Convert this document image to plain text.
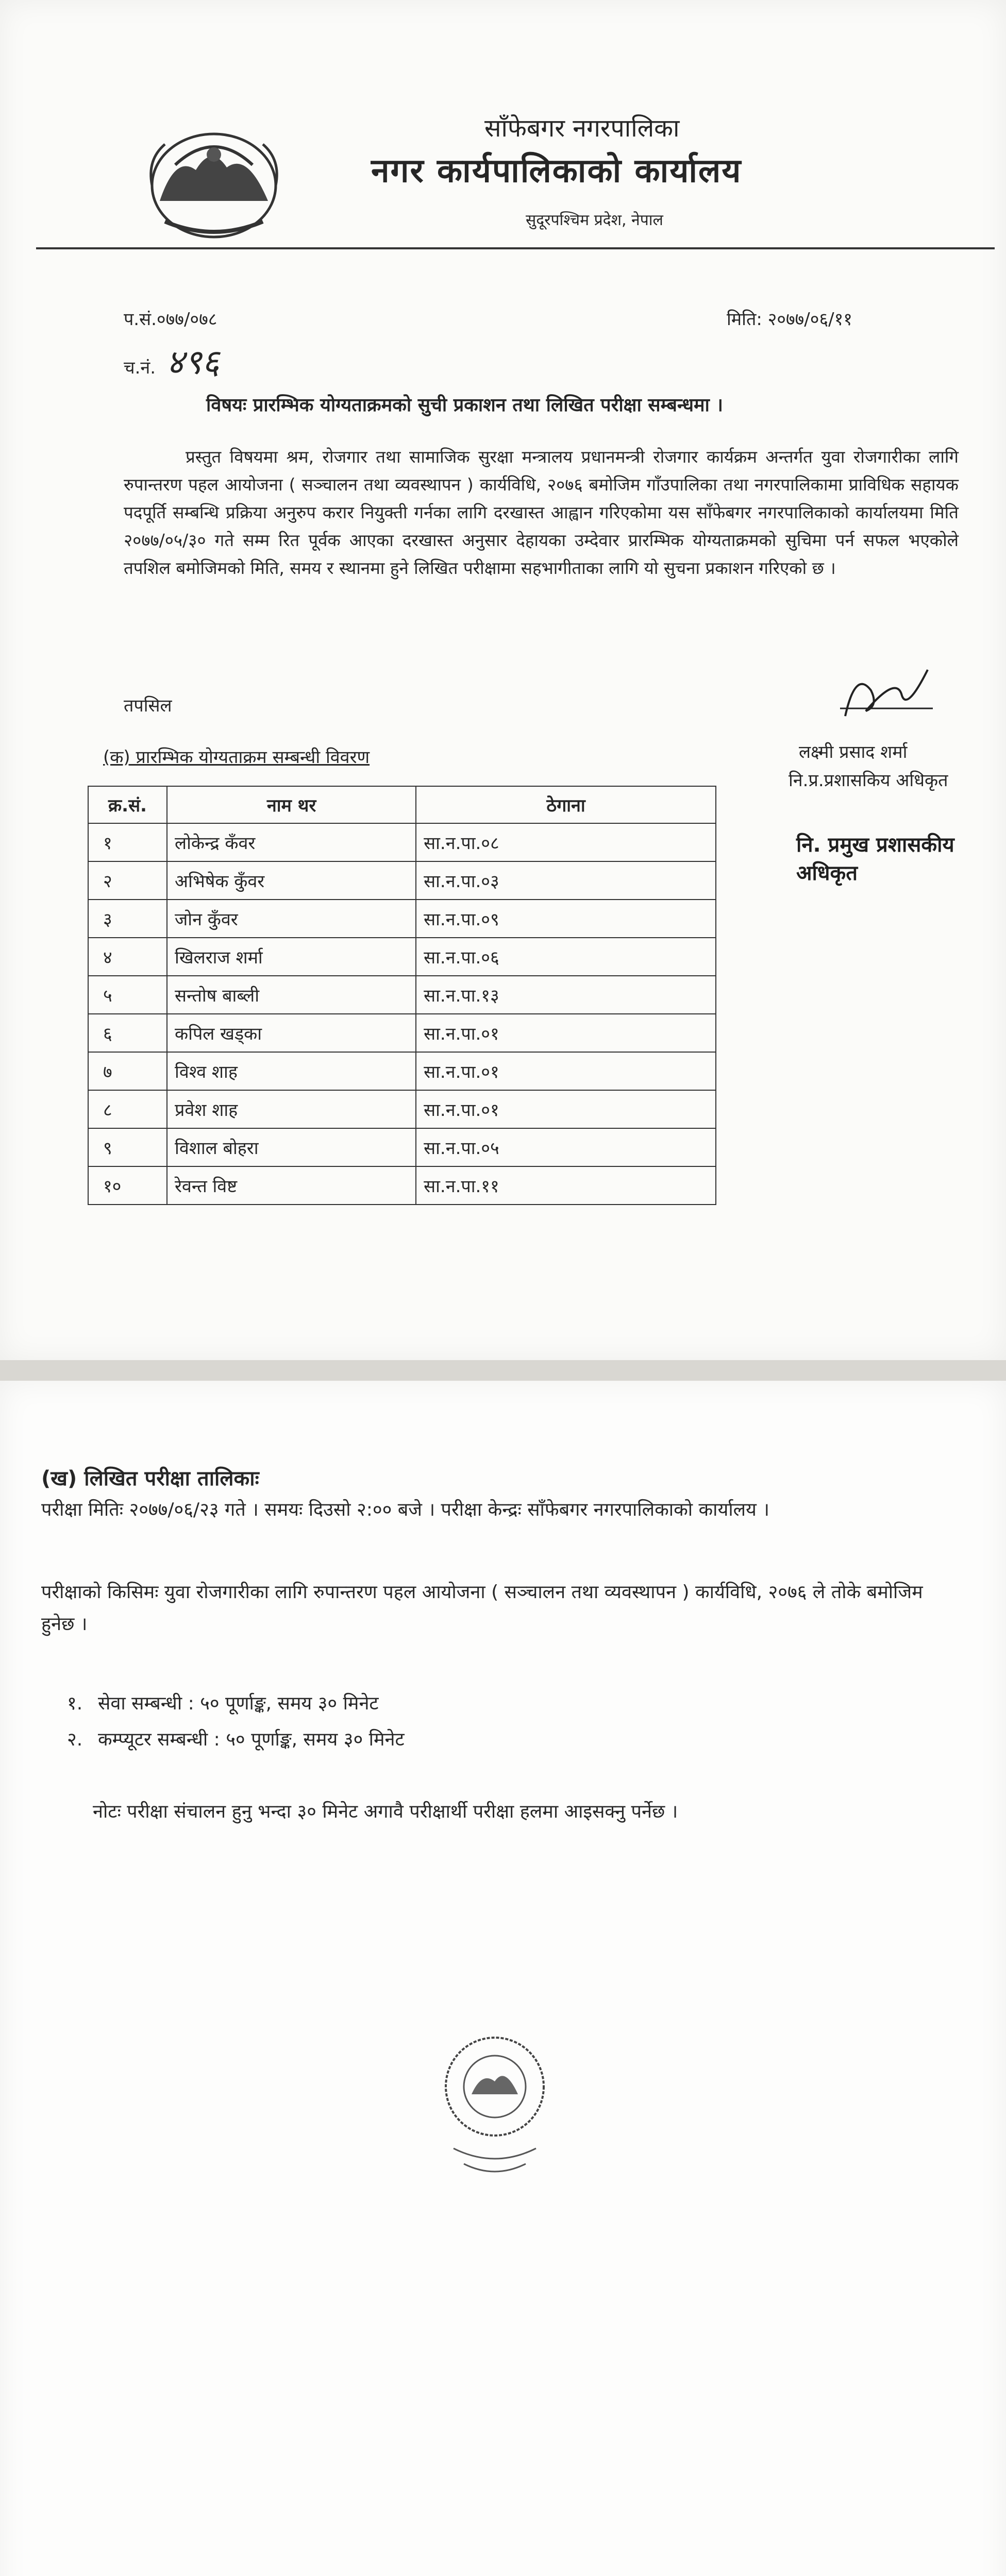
साँफेबगर नगरपालिका
नगर कार्यपालिकाको कार्यालय
सुदूरपश्चिम प्रदेश, नेपाल
प.सं.०७७/०७८	मिति: २०७७/०६/११
च.नं. ४९६
विषयः प्रारम्भिक योग्यताक्रमको सुची प्रकाशन तथा लिखित परीक्षा सम्बन्धमा ।
प्रस्तुत विषयमा श्रम, रोजगार तथा सामाजिक सुरक्षा मन्त्रालय प्रधानमन्त्री रोजगार कार्यक्रम अन्तर्गत युवा रोजगारीका लागि रुपान्तरण पहल आयोजना ( सञ्चालन तथा व्यवस्थापन ) कार्यविधि, २०७६ बमोजिम गाँउपालिका तथा नगरपालिकामा प्राविधिक सहायक पदपूर्ति सम्बन्धि प्रक्रिया अनुरुप करार नियुक्ती गर्नका लागि दरखास्त आह्वान गरिएकोमा यस साँफेबगर नगरपालिकाको कार्यालयमा मिति २०७७/०५/३० गते सम्म रित पूर्वक आएका दरखास्त अनुसार देहायका उम्देवार प्रारम्भिक योग्यताक्रमको सुचिमा पर्न सफल भएकोले तपशिल बमोजिमको मिति, समय र स्थानमा हुने लिखित परीक्षामा सहभागीताका लागि यो सुचना प्रकाशन गरिएको छ ।
तपसिल
लक्ष्मी प्रसाद शर्मा
नि.प्र.प्रशासकिय अधिकृत
नि. प्रमुख प्रशासकीय अधिकृत
(क) प्रारम्भिक योग्यताक्रम सम्बन्धी विवरण
क्र.सं.	नाम थर	ठेगाना
१	लोकेन्द्र कँवर	सा.न.पा.०८
२	अभिषेक कुँवर	सा.न.पा.०३
३	जोन कुँवर	सा.न.पा.०९
४	खिलराज शर्मा	सा.न.पा.०६
५	सन्तोष बाब्ली	सा.न.पा.१३
६	कपिल खड्का	सा.न.पा.०१
७	विश्व शाह	सा.न.पा.०१
८	प्रवेश शाह	सा.न.पा.०१
९	विशाल बोहरा	सा.न.पा.०५
१०	रेवन्त विष्ट	सा.न.पा.११
(ख) लिखित परीक्षा तालिकाः
परीक्षा मितिः २०७७/०६/२३ गते । समयः दिउसो २:०० बजे । परीक्षा केन्द्रः साँफेबगर नगरपालिकाको कार्यालय ।
परीक्षाको किसिमः युवा रोजगारीका लागि रुपान्तरण पहल आयोजना ( सञ्चालन तथा व्यवस्थापन ) कार्यविधि, २०७६ ले तोके बमोजिम हुनेछ ।
१. सेवा सम्बन्धी : ५० पूर्णाङ्क, समय ३० मिनेट
२. कम्प्यूटर सम्बन्धी : ५० पूर्णाङ्क, समय ३० मिनेट
नोटः परीक्षा संचालन हुनु भन्दा ३० मिनेट अगावै परीक्षार्थी परीक्षा हलमा आइसक्नु पर्नेछ ।
